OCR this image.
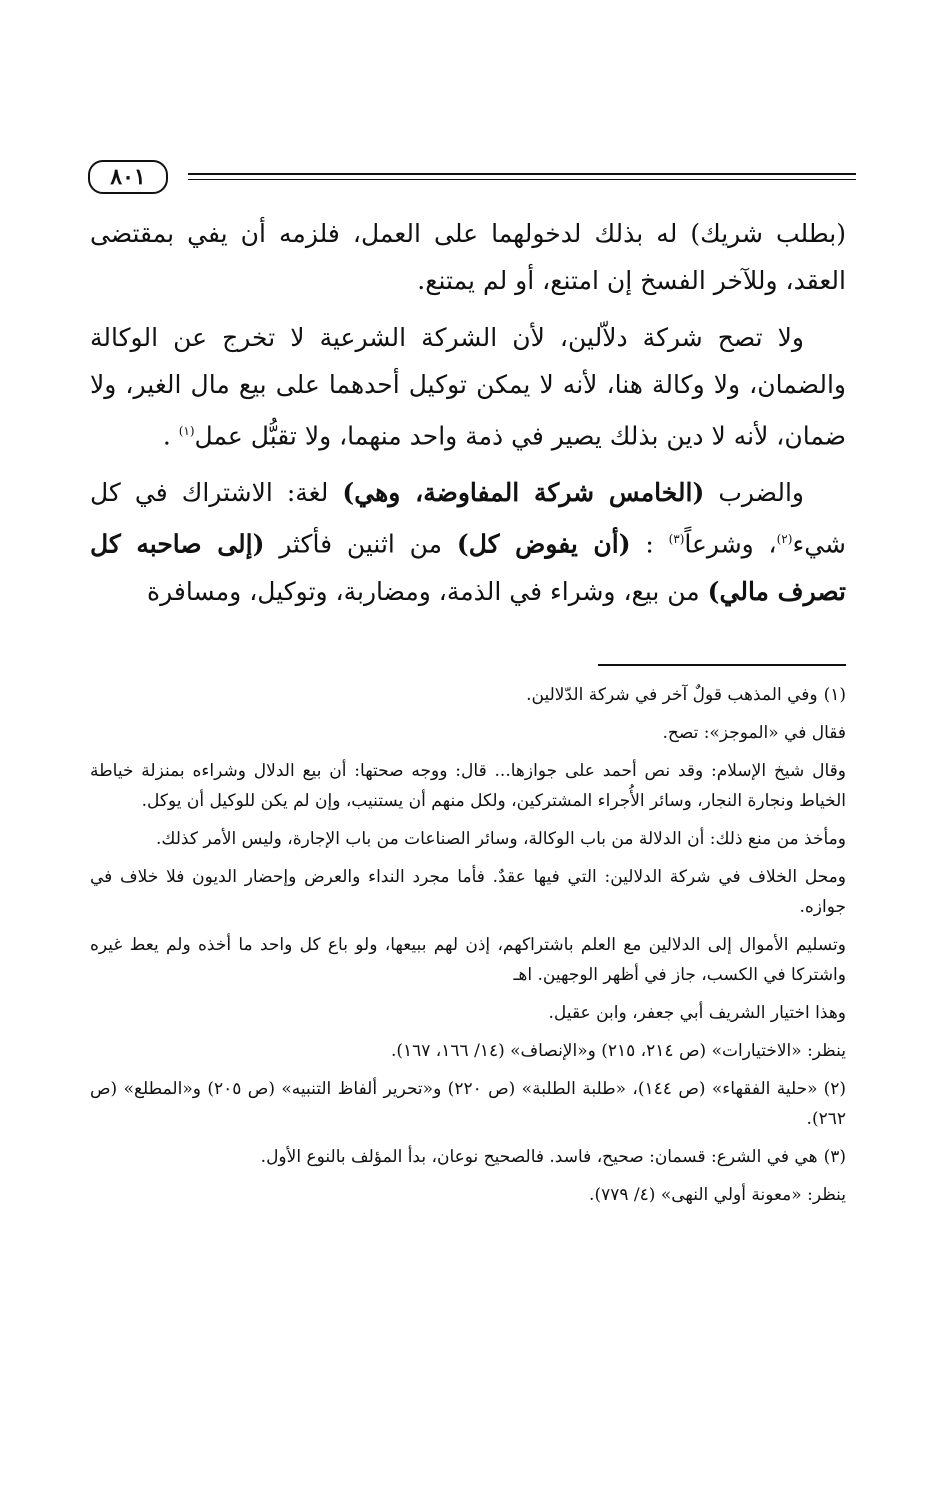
٨٠١

(بطلب شريك) له بذلك لدخولهما على العمل، فلزمه أن يفي بمقتضى العقد، وللآخر الفسخ إن امتنع، أو لم يمتنع.

ولا تصح شركة دلاّلين، لأن الشركة الشرعية لا تخرج عن الوكالة والضمان، ولا وكالة هنا، لأنه لا يمكن توكيل أحدهما على بيع مال الغير، ولا ضمان، لأنه لا دين بذلك يصير في ذمة واحد منهما، ولا تقبُّل عمل$^{(١)}$ .

والضرب (الخامس شركة المفاوضة، وهي) لغة: الاشتراك في كل شيء$^{(٢)}$، وشرعاً$^{(٣)}$ : (أن يفوض كل) من اثنين فأكثر (إلى صاحبه كل تصرف مالي) من بيع، وشراء في الذمة، ومضاربة، وتوكيل، ومسافرة

(١)وفي المذهب قولٌ آخر في شركة الدّلالين.

فقال في «الموجز»: تصح.

وقال شيخ الإسلام: وقد نص أحمد على جوازها... قال: ووجه صحتها: أن بيع الدلال وشراءه بمنزلة خياطة الخياط ونجارة النجار، وسائر الأُجراء المشتركين، ولكل منهم أن يستنيب، وإن لم يكن للوكيل أن يوكل.

ومأخذ من منع ذلك: أن الدلالة من باب الوكالة، وسائر الصناعات من باب الإجارة، وليس الأمر كذلك.

ومحل الخلاف في شركة الدلالين: التي فيها عقدٌ. فأما مجرد النداء والعرض وإحضار الديون فلا خلاف في جوازه.

وتسليم الأموال إلى الدلالين مع العلم باشتراكهم، إذن لهم ببيعها، ولو باع كل واحد ما أخذه ولم يعط غيره واشتركا في الكسب، جاز في أظهر الوجهين. اهـ

وهذا اختيار الشريف أبي جعفر، وابن عقيل.

ينظر: «الاختيارات» (ص ٢١٤، ٢١٥) و«الإنصاف» (١٤/ ١٦٦، ١٦٧).

(٢)«حلية الفقهاء» (ص ١٤٤)، «طلبة الطلبة» (ص ٢٢٠) و«تحرير ألفاظ التنبيه» (ص ٢٠٥) و«المطلع» (ص ٢٦٢).

(٣)هي في الشرع: قسمان: صحيح، فاسد. فالصحيح نوعان، بدأ المؤلف بالنوع الأول.

ينظر: «معونة أولي النهى» (٤/ ٧٧٩).
